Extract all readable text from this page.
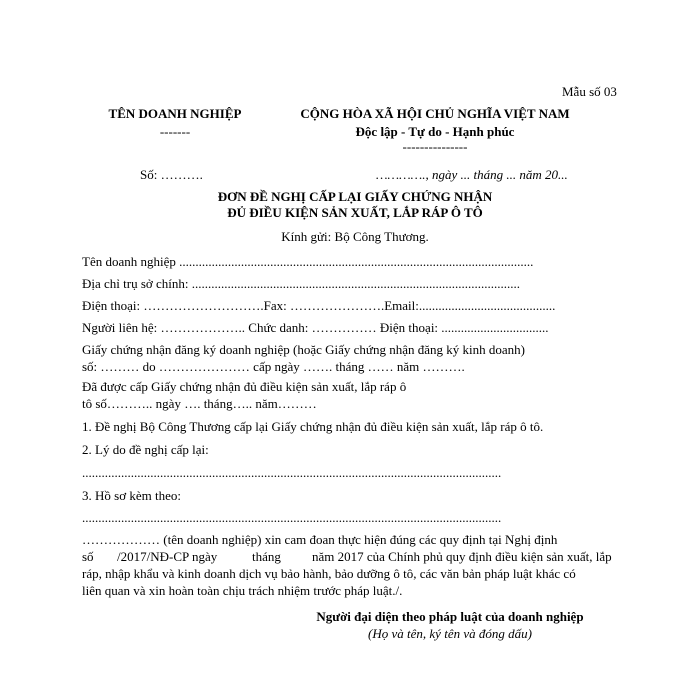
Mẫu số 03
TÊN DOANH NGHIỆP
-------
CỘNG HÒA XÃ HỘI CHỦ NGHĨA VIỆT NAM
Độc lập - Tự do - Hạnh phúc
---------------
Số: ……….	…………., ngày ... tháng ... năm 20...
ĐƠN ĐỀ NGHỊ CẤP LẠI GIẤY CHỨNG NHẬN
ĐỦ ĐIỀU KIỆN SẢN XUẤT, LẮP RÁP Ô TÔ
Kính gửi: Bộ Công Thương.
Tên doanh nghiệp .............................................................................................................
Địa chỉ trụ sở chính: .....................................................................................................
Điện thoại: ……………………….Fax: ………………….Email:..........................................
Người liên hệ: ……………….. Chức danh: …………… Điện thoại: .................................
Giấy chứng nhận đăng ký doanh nghiệp (hoặc Giấy chứng nhận đăng ký kinh doanh)
số: ……… do ………………… cấp ngày ……. tháng …… năm ……….
Đã được cấp Giấy chứng nhận đủ điều kiện sản xuất, lắp ráp ô
tô số……….. ngày …. tháng….. năm………
1. Đề nghị Bộ Công Thương cấp lại Giấy chứng nhận đủ điều kiện sản xuất, lắp ráp ô tô.
2. Lý do đề nghị cấp lại:
.................................................................................................................................
3. Hồ sơ kèm theo:
.................................................................................................................................
……………… (tên doanh nghiệp) xin cam đoan thực hiện đúng các quy định tại Nghị định
số /2017/NĐ-CP ngày	tháng năm 2017 của Chính phủ quy định điều kiện sản xuất, lắp
ráp, nhập khẩu và kinh doanh dịch vụ bảo hành, bảo dưỡng ô tô, các văn bản pháp luật khác có
liên quan và xin hoàn toàn chịu trách nhiệm trước pháp luật./.
Người đại diện theo pháp luật của doanh nghiệp
(Họ và tên, ký tên và đóng dấu)
